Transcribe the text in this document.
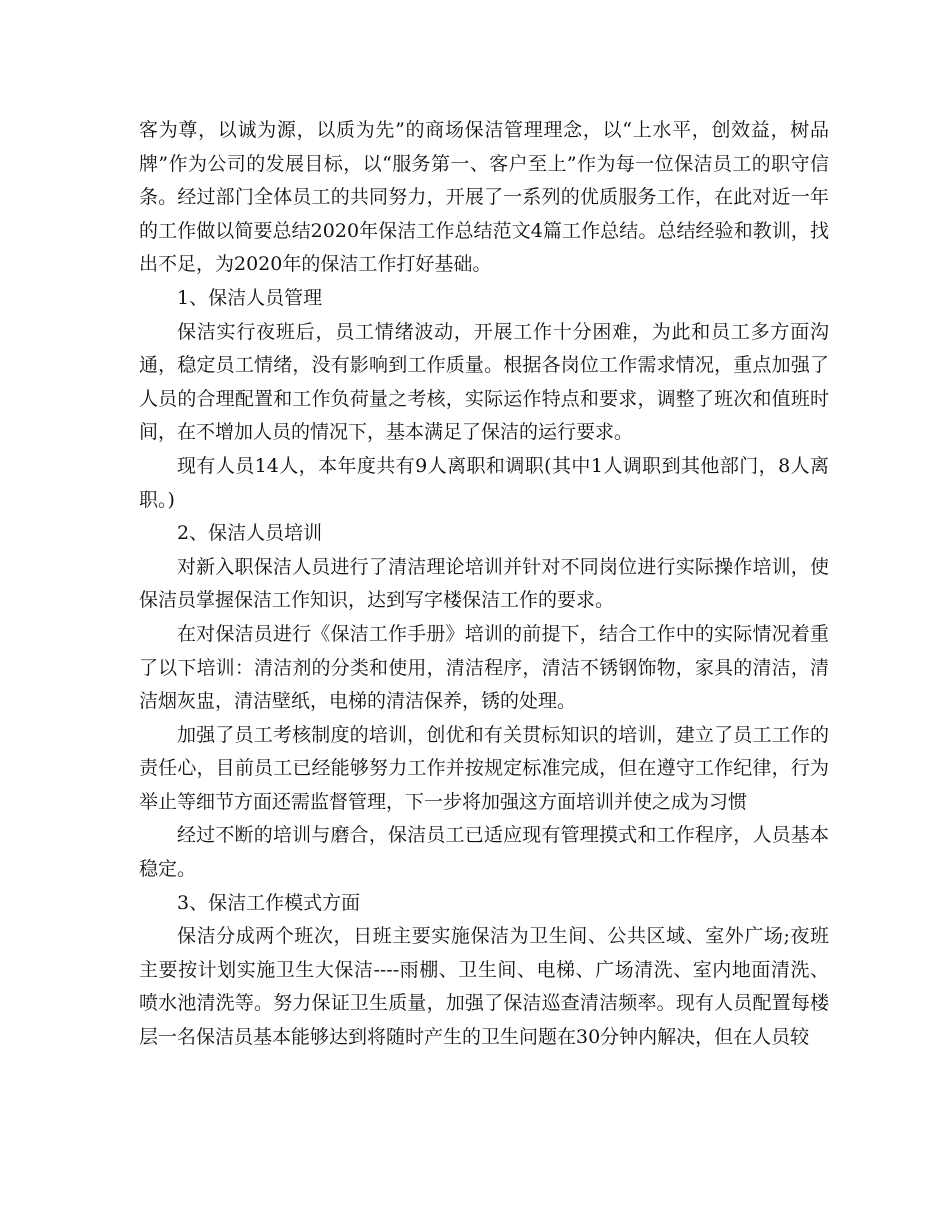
客为尊，以诚为源，以质为先”的商场保洁管理理念，以“上水平，创效益，树品牌”作为公司的发展目标，以“服务第一、客户至上”作为每一位保洁员工的职守信条。经过部门全体员工的共同努力，开展了一系列的优质服务工作，在此对近一年的工作做以简要总结2020年保洁工作总结范文4篇工作总结。总结经验和教训，找出不足，为2020年的保洁工作打好基础。

1、保洁人员管理

保洁实行夜班后，员工情绪波动，开展工作十分困难，为此和员工多方面沟通，稳定员工情绪，没有影响到工作质量。根据各岗位工作需求情况，重点加强了人员的合理配置和工作负荷量之考核，实际运作特点和要求，调整了班次和值班时间，在不增加人员的情况下，基本满足了保洁的运行要求。

现有人员14人，本年度共有9人离职和调职(其中1人调职到其他部门，8人离职。)

2、保洁人员培训

对新入职保洁人员进行了清洁理论培训并针对不同岗位进行实际操作培训，使保洁员掌握保洁工作知识，达到写字楼保洁工作的要求。

在对保洁员进行《保洁工作手册》培训的前提下，结合工作中的实际情况着重了以下培训：清洁剂的分类和使用，清洁程序，清洁不锈钢饰物，家具的清洁，清洁烟灰盅，清洁壁纸，电梯的清洁保养，锈的处理。

加强了员工考核制度的培训，创优和有关贯标知识的培训，建立了员工工作的责任心，目前员工已经能够努力工作并按规定标准完成，但在遵守工作纪律，行为举止等细节方面还需监督管理，下一步将加强这方面培训并使之成为习惯

经过不断的培训与磨合，保洁员工已适应现有管理摸式和工作程序，人员基本稳定。

3、保洁工作模式方面

保洁分成两个班次，日班主要实施保洁为卫生间、公共区域、室外广场;夜班主要按计划实施卫生大保洁----雨棚、卫生间、电梯、广场清洗、室内地面清洗、喷水池清洗等。努力保证卫生质量，加强了保洁巡查清洁频率。现有人员配置每楼层一名保洁员基本能够达到将随时产生的卫生问题在30分钟内解决，但在人员较
